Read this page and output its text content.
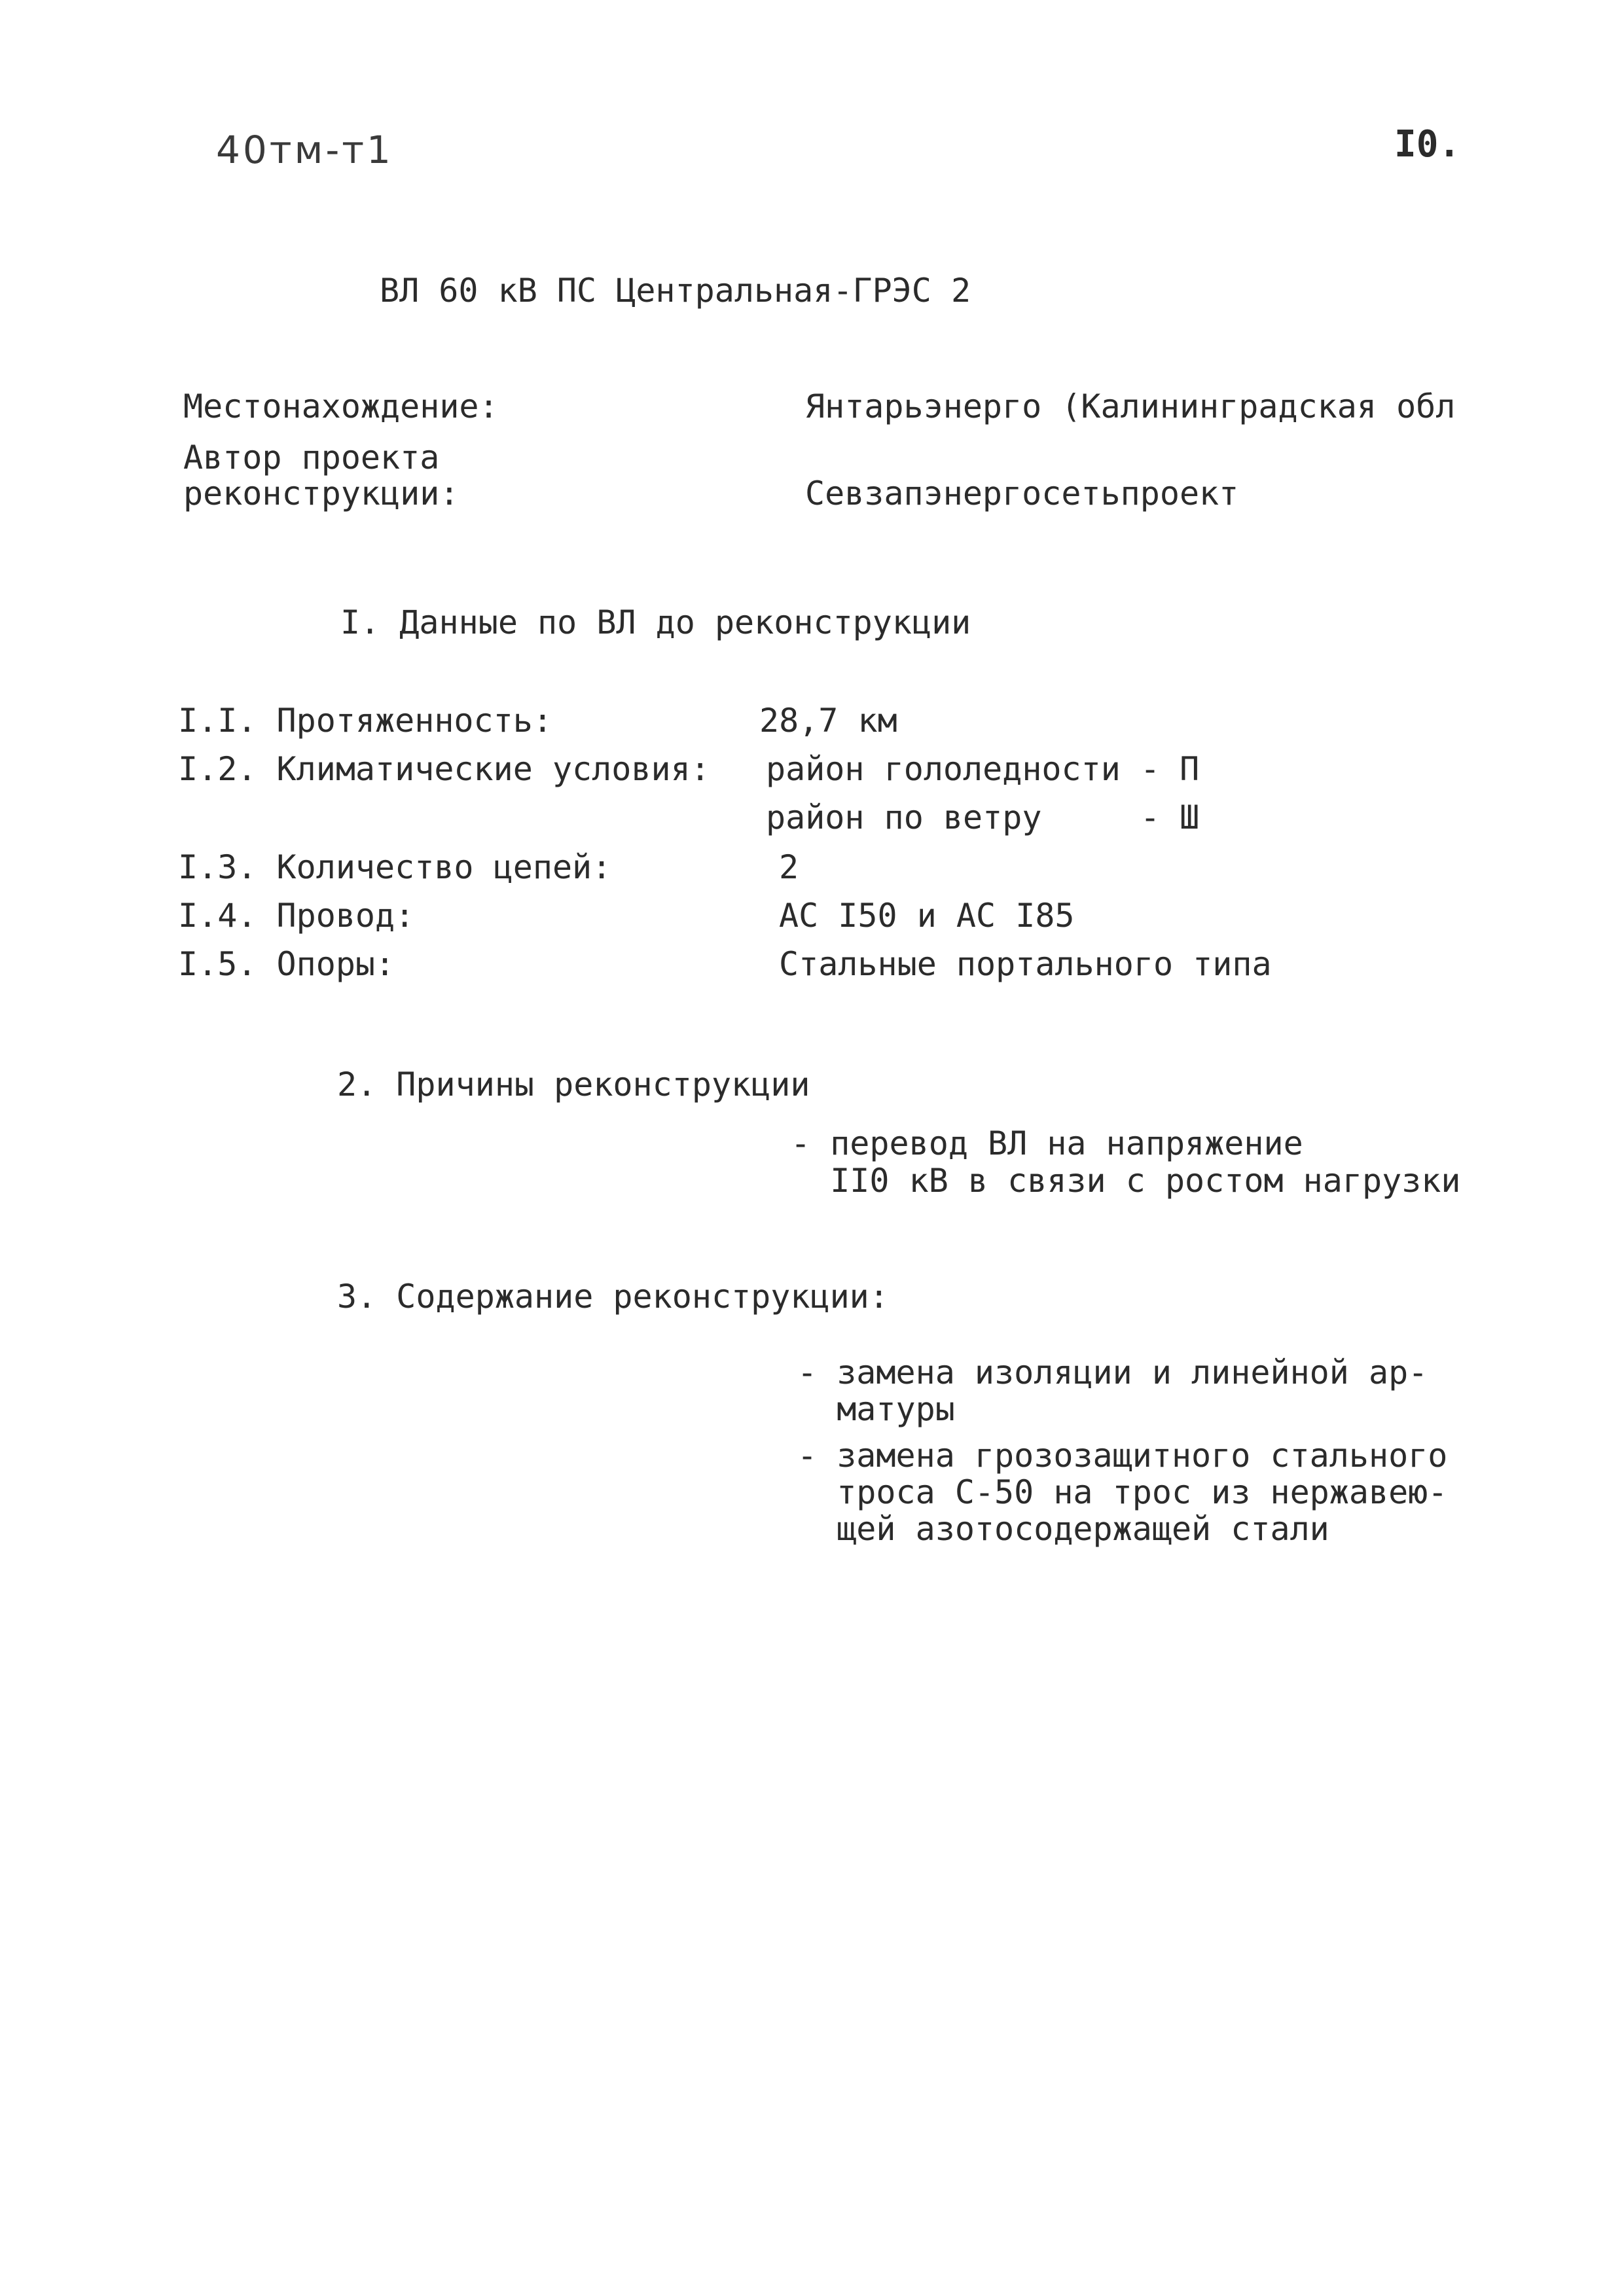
40тм-т1	I0.
ВЛ 60 кВ ПС Центральная-ГРЭС 2
Местонахождение:	Янтарьэнерго (Калининградская обл
Автор проекта
реконструкции:	Севзапэнергосетьпроект
I. Данные по ВЛ до реконструкции
I.I. Протяженность:	28,7 км
I.2. Климатические условия: район гололедности - П
район по ветру     - Ш
I.3. Количество цепей:	2
I.4. Провод:	АС I50 и АС I85
I.5. Опоры:	Стальные портального типа
2. Причины реконструкции
- перевод ВЛ на напряжение
II0 кВ в связи с ростом нагрузки
3. Содержание реконструкции:
- замена изоляции и линейной ар-
матуры
- замена грозозащитного стального
троса С-50 на трос из нержавею-
щей азотосодержащей стали
